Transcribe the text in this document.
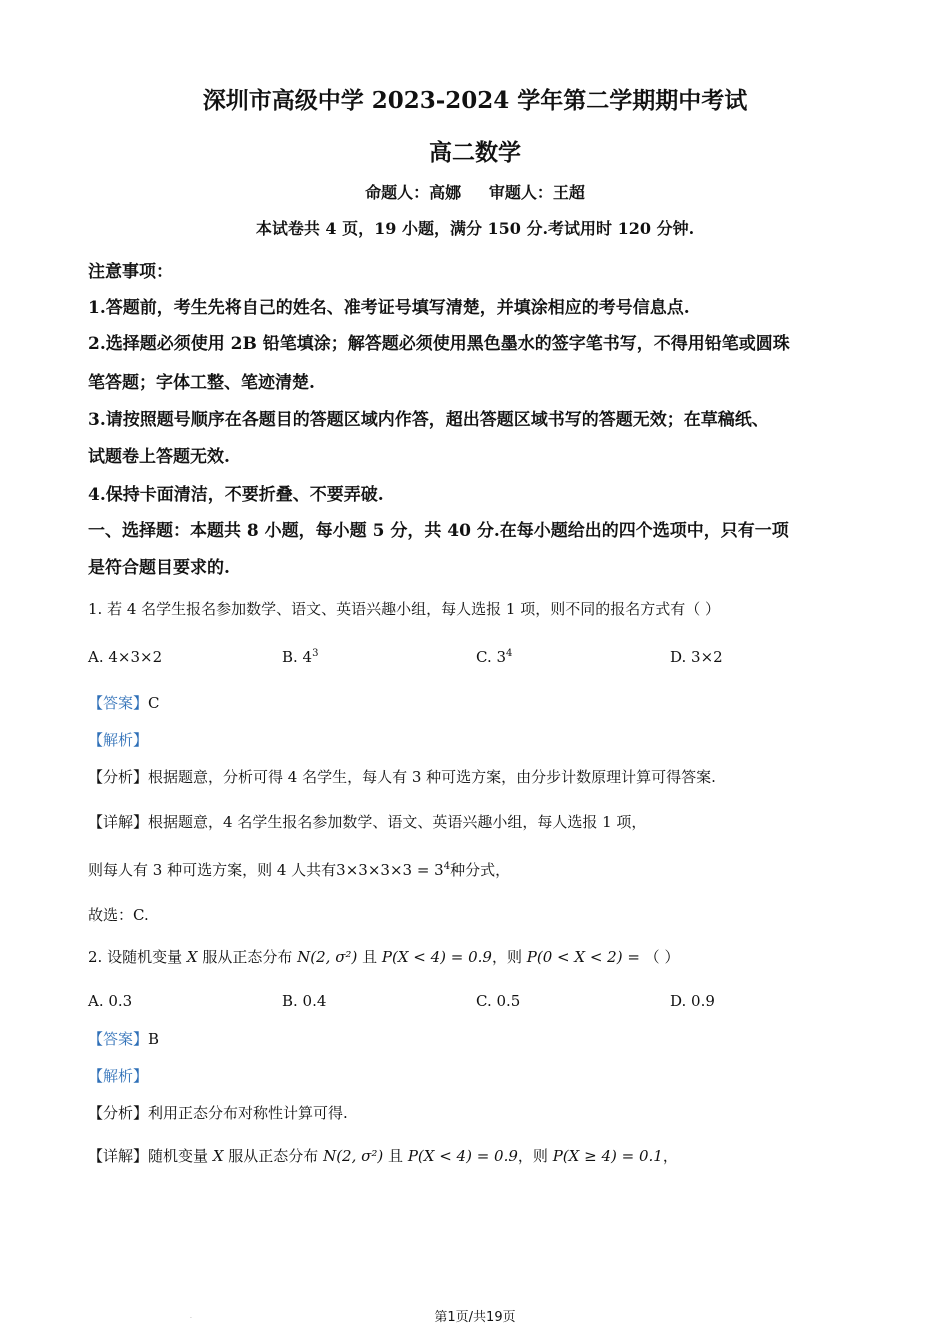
深圳市高级中学 2023-2024 学年第二学期期中考试
高二数学
命题人：高娜     审题人：王超
本试卷共 4 页，19 小题，满分 150 分.考试用时 120 分钟.
注意事项：
1.答题前，考生先将自己的姓名、准考证号填写清楚，并填涂相应的考号信息点.
2.选择题必须使用 2B 铅笔填涂；解答题必须使用黑色墨水的签字笔书写，不得用铅笔或圆珠
笔答题；字体工整、笔迹清楚.
3.请按照题号顺序在各题目的答题区域内作答，超出答题区域书写的答题无效；在草稿纸、
试题卷上答题无效.
4.保持卡面清洁，不要折叠、不要弄破.
一、选择题：本题共 8 小题，每小题 5 分，共 40 分.在每小题给出的四个选项中，只有一项
是符合题目要求的.
1. 若 4 名学生报名参加数学、语文、英语兴趣小组，每人选报 1 项，则不同的报名方式有（ ）
A. 4×3×2	B. $4^3$	C. $3^4$	D. 3×2
【答案】C
【解析】
【分析】根据题意，分析可得 4 名学生，每人有 3 种可选方案，由分步计数原理计算可得答案.
【详解】根据题意，4 名学生报名参加数学、语文、英语兴趣小组，每人选报 1 项，
则每人有 3 种可选方案，则 4 人共有$3\times 3\times 3\times 3 = 3^4$种分式，
故选：C.
2. 设随机变量 X 服从正态分布 N(2, σ²) 且 P(X < 4) = 0.9，则 P(0 < X < 2) = （ ）
A. 0.3	B. 0.4	C. 0.5	D. 0.9
【答案】B
【解析】
【分析】利用正态分布对称性计算可得.
【详解】随机变量 X 服从正态分布 N(2, σ²) 且 P(X < 4) = 0.9，则 P(X ≥ 4) = 0.1，
.	第1页/共19页
